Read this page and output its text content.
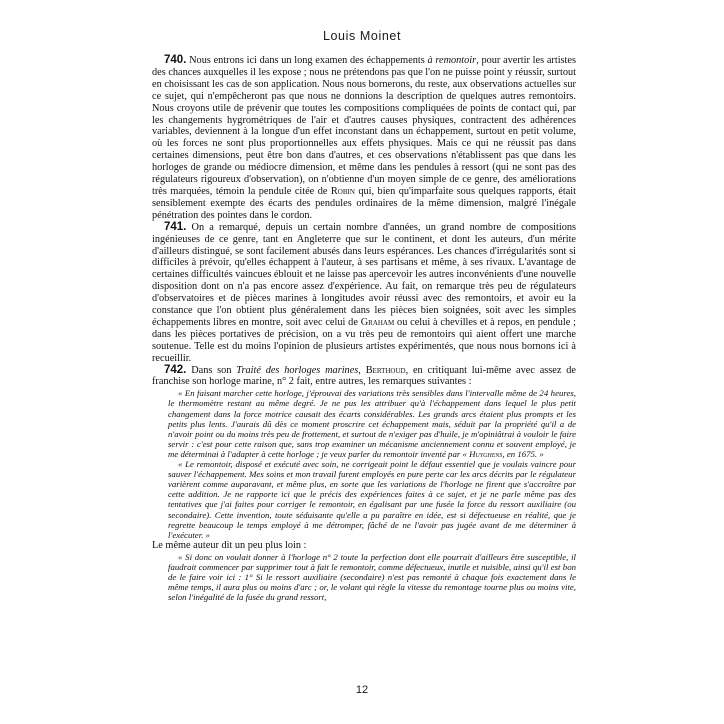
Louis Moinet

740. Nous entrons ici dans un long examen des échappements à remontoir, pour avertir les artistes des chances auxquelles il les expose ; nous ne prétendons pas que l'on ne puisse point y réussir, surtout en choisissant les cas de son application. Nous nous bornerons, du reste, aux observations actuelles sur ce sujet, qui n'empêcheront pas que nous ne donnions la description de quelques autres remontoirs. Nous croyons utile de prévenir que toutes les compositions compliquées de points de contact qui, par les changements hygrométriques de l'air et d'autres causes physiques, contractent des adhérences variables, deviennent à la longue d'un effet inconstant dans un échappement, surtout en petit volume, où les forces ne sont plus proportionnelles aux effets physiques. Mais ce qui ne réussit pas dans certaines dimensions, peut être bon dans d'autres, et ces observations n'établissent pas que dans les horloges de grande ou médiocre dimension, et même dans les pendules à ressort (qui ne sont pas des régulateurs rigoureux d'observation), on n'obtienne d'un moyen simple de ce genre, des améliorations très marquées, témoin la pendule citée de Robin qui, bien qu'imparfaite sous quelques rapports, était sensiblement exempte des écarts des pendules ordinaires de la même dimension, malgré l'inégale pénétration des pointes dans le cordon.

741. On a remarqué, depuis un certain nombre d'années, un grand nombre de compositions ingénieuses de ce genre, tant en Angleterre que sur le continent, et dont les auteurs, d'un mérite d'ailleurs distingué, se sont facilement abusés dans leurs espérances. Les chances d'irrégularités sont si difficiles à prévoir, qu'elles échappent à l'auteur, à ses partisans et même, à ses rivaux. L'avantage de certaines difficultés vaincues éblouit et ne laisse pas apercevoir les autres inconvénients d'une nouvelle disposition dont on n'a pas encore assez d'expérience. Au fait, on remarque très peu de régulateurs d'observatoires et de pièces marines à longitudes avoir réussi avec des remontoirs, et avoir eu la constance que l'on obtient plus généralement dans les pièces bien soignées, soit avec les simples échappements libres en montre, soit avec celui de Graham ou celui à chevilles et à repos, en pendule ; dans les pièces portatives de précision, on a vu très peu de remontoirs qui aient offert une marche soutenue. Telle est du moins l'opinion de plusieurs artistes expérimentés, que nous nous bornons ici à recueillir.

742. Dans son Traité des horloges marines, Berthoud, en critiquant lui-même avec assez de franchise son horloge marine, n° 2 fait, entre autres, les remarques suivantes :

« En faisant marcher cette horloge, j'éprouvai des variations très sensibles dans l'intervalle même de 24 heures, le thermomètre restant au même degré. Je ne pus les attribuer qu'à l'échappement dans lequel le plus petit changement dans la force motrice causait des écarts considérables. Les grands arcs étaient plus prompts et les petits plus lents. J'aurais dû dès ce moment proscrire cet échappement mais, séduit par la propriété qu'il a de n'avoir point ou du moins très peu de frottement, et surtout de n'exiger pas d'huile, je m'opiniâtrai à vouloir le faire servir : c'est pour cette raison que, sans trop examiner un mécanisme anciennement connu et souvent employé, je me déterminai à l'adapter à cette horloge ; je veux parler du remontoir inventé par « Huyghens, en 1675. »

« Le remontoir, disposé et exécuté avec soin, ne corrigeait point le défaut essentiel que je voulais vaincre pour sauver l'échappement. Mes soins et mon travail furent employés en pure perte car les arcs décrits par le régulateur varièrent comme auparavant, et même plus, en sorte que les variations de l'horloge ne firent que s'accroître par cette addition. Je ne rapporte ici que le précis des expériences faites à ce sujet, et je ne parle même pas des tentatives que j'ai faites pour corriger le remontoir, en égalisant par une fusée la force du ressort auxiliaire (ou secondaire). Cette invention, toute séduisante qu'elle a pu paraître en idée, est si défectueuse en réalité, que je regrette beaucoup le temps employé à me détromper, fâché de ne l'avoir pas jugée avant de me déterminer à l'exécuter. »

Le même auteur dit un peu plus loin :

« Si donc on voulait donner à l'horloge n° 2 toute la perfection dont elle pourrait d'ailleurs être susceptible, il faudrait commencer par supprimer tout à fait le remontoir, comme défectueux, inutile et nuisible, ainsi qu'il est bon de le faire voir ici : 1° Si le ressort auxiliaire (secondaire) n'est pas remonté à chaque fois exactement dans le même temps, il aura plus ou moins d'arc ; or, le volant qui règle la vitesse du remontage tourne plus ou moins vite, selon l'inégalité de la fusée du grand ressort,

12
